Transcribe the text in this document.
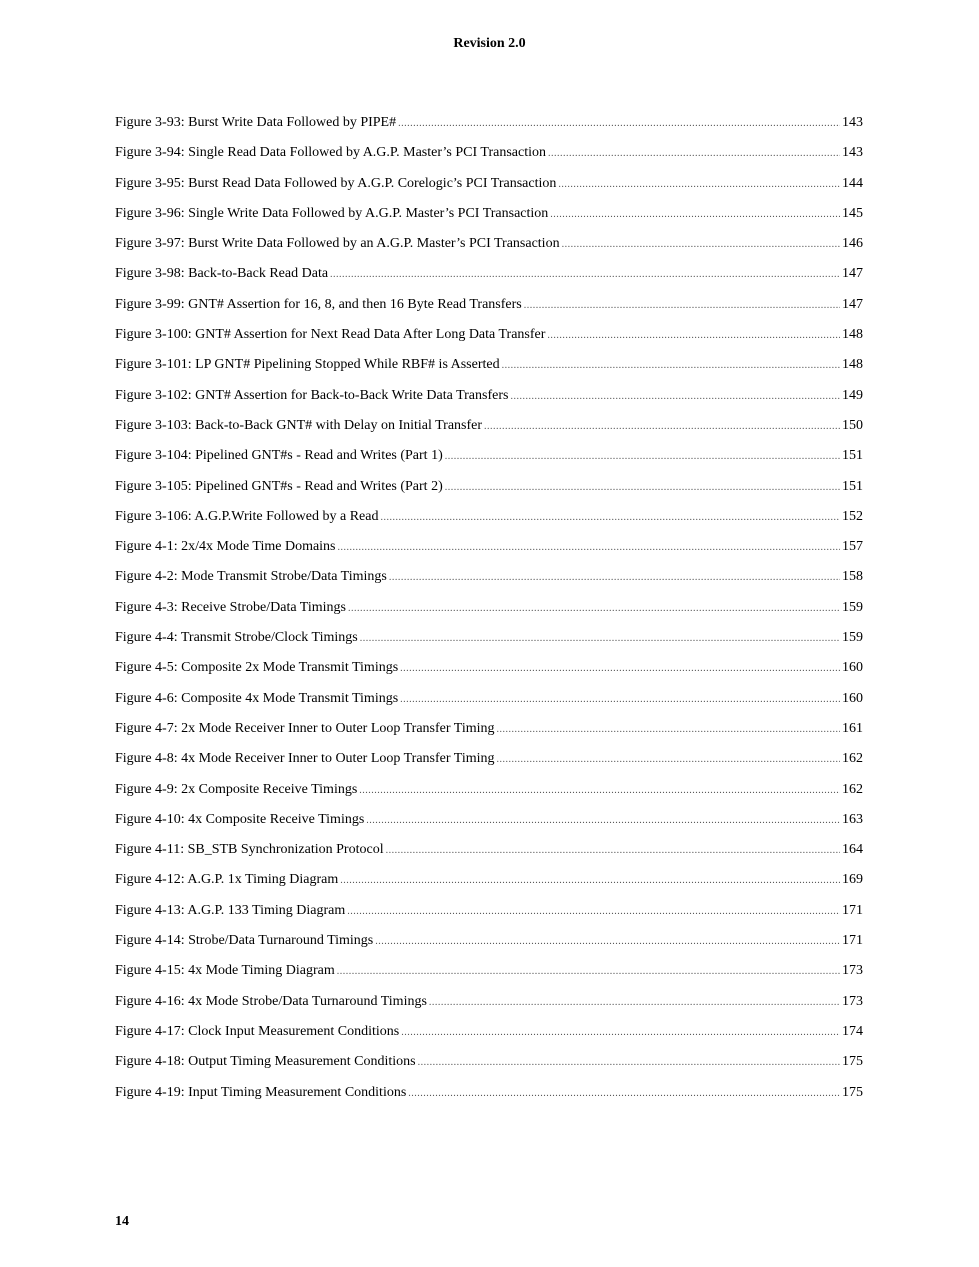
Revision 2.0
Figure 3-93: Burst Write Data Followed by PIPE# .....	143
Figure 3-94: Single Read Data Followed by A.G.P. Master’s PCI Transaction .....	143
Figure 3-95: Burst Read Data Followed by A.G.P. Corelogic’s PCI Transaction .....	144
Figure 3-96: Single Write Data Followed by A.G.P. Master’s PCI Transaction .....	145
Figure 3-97: Burst Write Data Followed by an A.G.P. Master’s PCI Transaction .....	146
Figure 3-98: Back-to-Back Read Data .....	147
Figure 3-99: GNT# Assertion for 16, 8, and then 16 Byte Read Transfers .....	147
Figure 3-100: GNT# Assertion for Next Read Data After Long Data Transfer .....	148
Figure 3-101: LP GNT# Pipelining Stopped While RBF# is Asserted .....	148
Figure 3-102: GNT# Assertion for Back-to-Back Write Data Transfers .....	149
Figure 3-103: Back-to-Back GNT# with Delay on Initial Transfer .....	150
Figure 3-104: Pipelined GNT#s - Read and Writes (Part 1) .....	151
Figure 3-105: Pipelined GNT#s - Read and Writes (Part 2) .....	151
Figure 3-106: A.G.P.Write Followed by a Read .....	152
Figure 4-1: 2x/4x Mode Time Domains .....	157
Figure 4-2: Mode Transmit Strobe/Data Timings .....	158
Figure 4-3: Receive Strobe/Data Timings .....	159
Figure 4-4: Transmit Strobe/Clock Timings .....	159
Figure 4-5: Composite 2x Mode Transmit Timings .....	160
Figure 4-6: Composite 4x Mode Transmit Timings .....	160
Figure 4-7: 2x Mode Receiver Inner to Outer Loop Transfer Timing .....	161
Figure 4-8: 4x Mode Receiver Inner to Outer Loop Transfer Timing .....	162
Figure 4-9: 2x Composite Receive Timings .....	162
Figure 4-10: 4x Composite Receive Timings .....	163
Figure 4-11: SB_STB Synchronization Protocol .....	164
Figure 4-12: A.G.P. 1x Timing Diagram .....	169
Figure 4-13: A.G.P. 133 Timing Diagram .....	171
Figure 4-14: Strobe/Data Turnaround Timings .....	171
Figure 4-15: 4x Mode Timing Diagram .....	173
Figure 4-16: 4x Mode Strobe/Data Turnaround Timings .....	173
Figure 4-17: Clock Input Measurement Conditions .....	174
Figure 4-18: Output Timing Measurement Conditions .....	175
Figure 4-19: Input Timing Measurement Conditions .....	175
14
